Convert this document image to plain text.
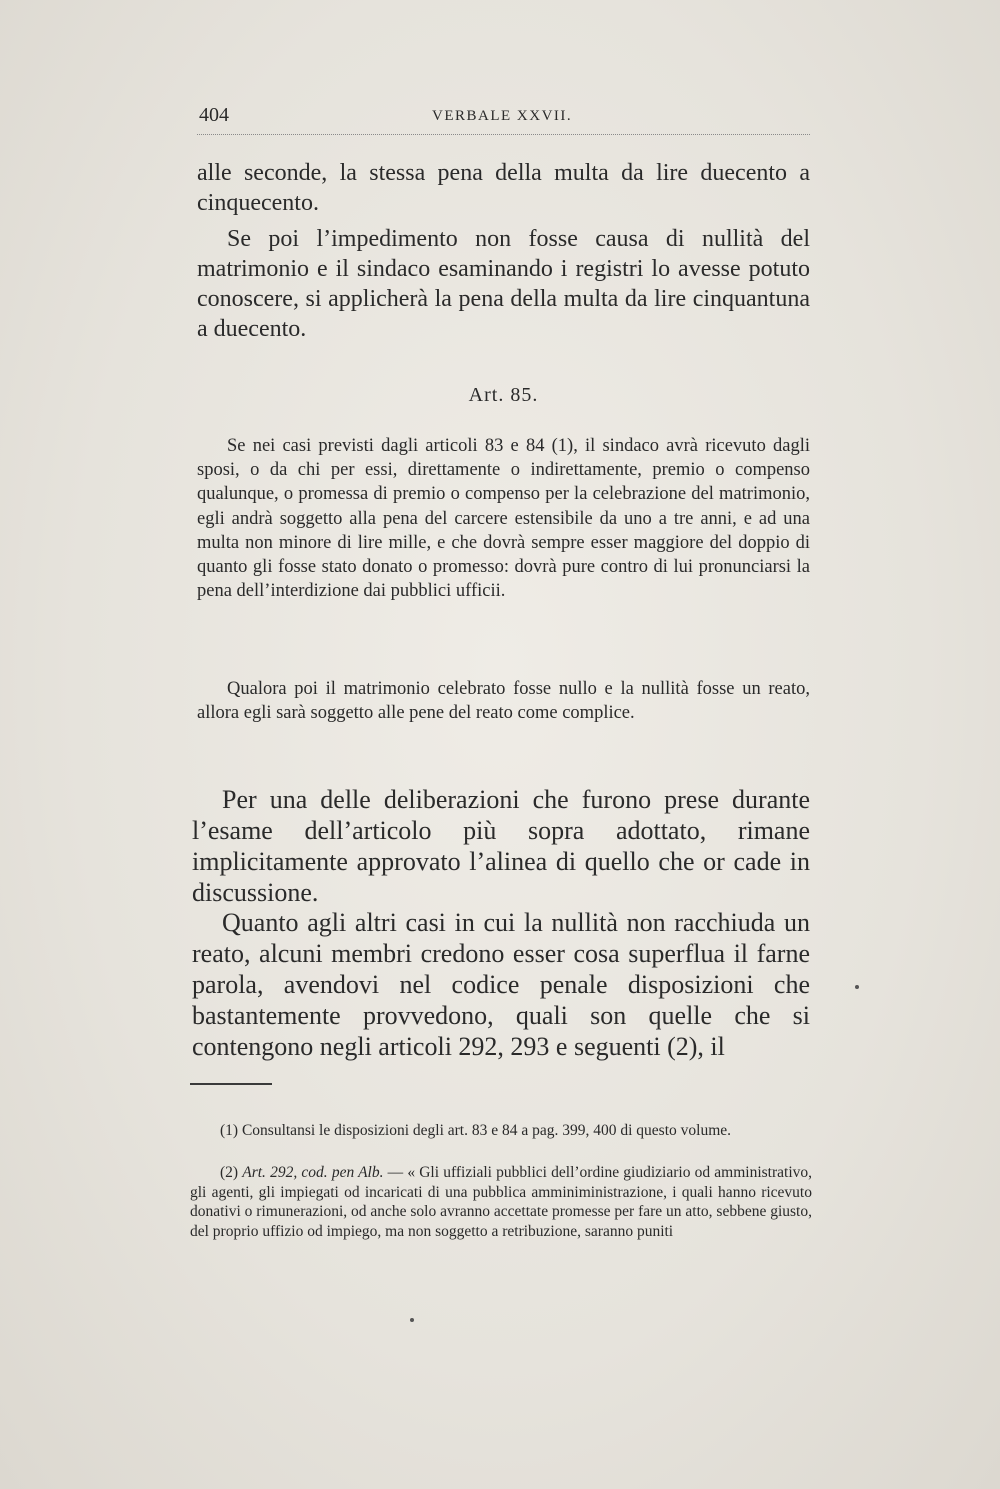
404	VERBALE XXVII.

alle seconde, la stessa pena della multa da lire duecento a cinquecento.

Se poi l’impedimento non fosse causa di nullità del matrimonio e il sindaco esaminando i registri lo avesse potuto conoscere, si applicherà la pena della multa da lire cinquantuna a duecento.

Art. 85.

Se nei casi previsti dagli articoli 83 e 84 (1), il sindaco avrà ricevuto dagli sposi, o da chi per essi, direttamente o indirettamente, premio o compenso qualunque, o promessa di premio o compenso per la celebrazione del matrimonio, egli andrà soggetto alla pena del carcere estensibile da uno a tre anni, e ad una multa non minore di lire mille, e che dovrà sempre esser maggiore del doppio di quanto gli fosse stato donato o promesso: dovrà pure contro di lui pronunciarsi la pena dell’interdizione dai pubblici ufficii.

Qualora poi il matrimonio celebrato fosse nullo e la nullità fosse un reato, allora egli sarà soggetto alle pene del reato come complice.

Per una delle deliberazioni che furono prese durante l’esame dell’articolo più sopra adottato, rimane implicitamente approvato l’alinea di quello che or cade in discussione.

Quanto agli altri casi in cui la nullità non racchiuda un reato, alcuni membri credono esser cosa superflua il farne parola, avendovi nel codice penale disposizioni che bastantemente provvedono, quali son quelle che si contengono negli articoli 292, 293 e seguenti (2), il

(1) Consultansi le disposizioni degli art. 83 e 84 a pag. 399, 400 di questo volume.

(2) Art. 292, cod. pen Alb. — « Gli uffiziali pubblici dell’ordine giudiziario od amministrativo, gli agenti, gli impiegati od incaricati di una pubblica amminiministrazione, i quali hanno ricevuto donativi o rimunerazioni, od anche solo avranno accettate promesse per fare un atto, sebbene giusto, del proprio uffizio od impiego, ma non soggetto a retribuzione, saranno puniti
